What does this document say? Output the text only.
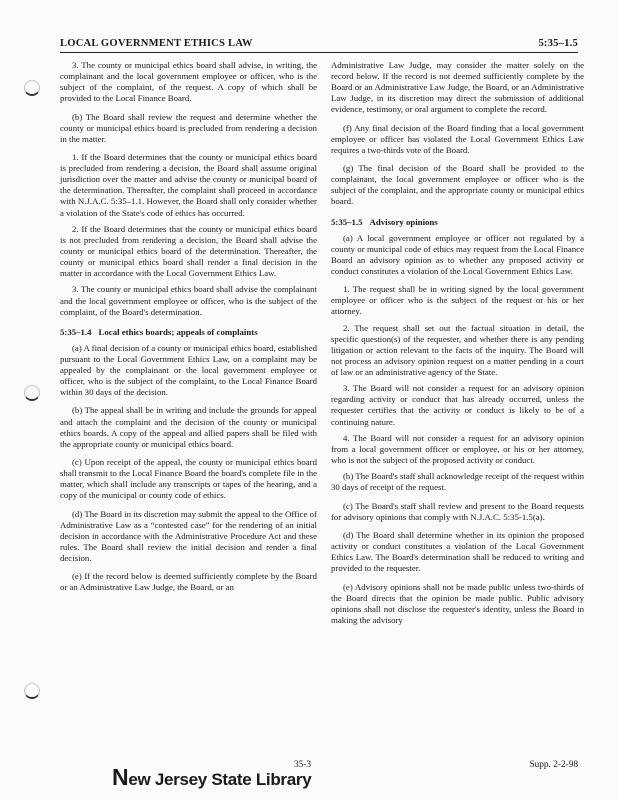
LOCAL GOVERNMENT ETHICS LAW	5:35–1.5

3. The county or municipal ethics board shall advise, in writing, the complainant and the local government employee or officer, who is the subject of the complaint, of the request. A copy of which shall be provided to the Local Finance Board.

(b) The Board shall review the request and determine whether the county or municipal ethics board is precluded from rendering a decision in the matter.

1. If the Board determines that the county or municipal ethics board is precluded from rendering a decision, the Board shall assume original jurisdiction over the matter and advise the county or municipal board of the determination. Thereafter, the complaint shall proceed in accordance with N.J.A.C. 5:35–1.1. However, the Board shall only consider whether a violation of the State's code of ethics has occurred.

2. If the Board determines that the county or municipal ethics board is not precluded from rendering a decision, the Board shall advise the county or municipal ethics board of the determination. Thereafter, the county or municipal ethics board shall render a final decision in the matter in accordance with the Local Government Ethics Law.

3. The county or municipal ethics board shall advise the complainant and the local government employee or officer, who is the subject of the complaint, of the Board's determination.

5:35–1.4 Local ethics boards; appeals of complaints

(a) A final decision of a county or municipal ethics board, established pursuant to the Local Government Ethics Law, on a complaint may be appealed by the complainant or the local government employee or officer, who is the subject of the complaint, to the Local Finance Board within 30 days of the decision.

(b) The appeal shall be in writing and include the grounds for appeal and attach the complaint and the decision of the county or municipal ethics boards. A copy of the appeal and allied papers shall be filed with the appropriate county or municipal ethics board.

(c) Upon receipt of the appeal, the county or municipal ethics board shall transmit to the Local Finance Board the board's complete file in the matter, which shall include any transcripts or tapes of the hearing, and a copy of the municipal or county code of ethics.

(d) The Board in its discretion may submit the appeal to the Office of Administrative Law as a “contested case” for the rendering of an initial decision in accordance with the Administrative Procedure Act and these rules. The Board shall review the initial decision and render a final decision.

(e) If the record below is deemed sufficiently complete by the Board or an Administrative Law Judge, the Board, or an

Administrative Law Judge, may consider the matter solely on the record below. If the record is not deemed sufficiently complete by the Board or an Administrative Law Judge, the Board, or an Administrative Law Judge, in its discretion may direct the submission of additional evidence, testimony, or oral argument to complete the record.

(f) Any final decision of the Board finding that a local government employee or officer has violated the Local Government Ethics Law requires a two-thirds vote of the Board.

(g) The final decision of the Board shall be provided to the complainant, the local government employee or officer who is the subject of the complaint, and the appropriate county or municipal ethics board.

5:35–1.5 Advisory opinions

(a) A local government employee or officer not regulated by a county or municipal code of ethics may request from the Local Finance Board an advisory opinion as to whether any proposed activity or conduct constitutes a violation of the Local Government Ethics Law.

1. The request shall be in writing signed by the local government employee or officer who is the subject of the request or his or her attorney.

2. The request shall set out the factual situation in detail, the specific question(s) of the requester, and whether there is any pending litigation or action relevant to the facts of the inquiry. The Board will not process an advisory opinion request on a matter pending in a court of law or an administrative agency of the State.

3. The Board will not consider a request for an advisory opinion regarding activity or conduct that has already occurred, unless the requester certifies that the activity or conduct is likely to be of a continuing nature.

4. The Board will not consider a request for an advisory opinion from a local government officer or employee, or his or her attorney, who is not the subject of the proposed activity or conduct.

(b) The Board's staff shall acknowledge receipt of the request within 30 days of receipt of the request.

(c) The Board's staff shall review and present to the Board requests for advisory opinions that comply with N.J.A.C. 5:35-1.5(a).

(d) The Board shall determine whether in its opinion the proposed activity or conduct constitutes a violation of the Local Government Ethics Law. The Board's determination shall be reduced to writing and provided to the requester.

(e) Advisory opinions shall not be made public unless two-thirds of the Board directs that the opinion be made public. Public advisory opinions shall not disclose the requester's identity, unless the Board in making the advisory

35-3	Supp. 2-2-98
New Jersey State Library
